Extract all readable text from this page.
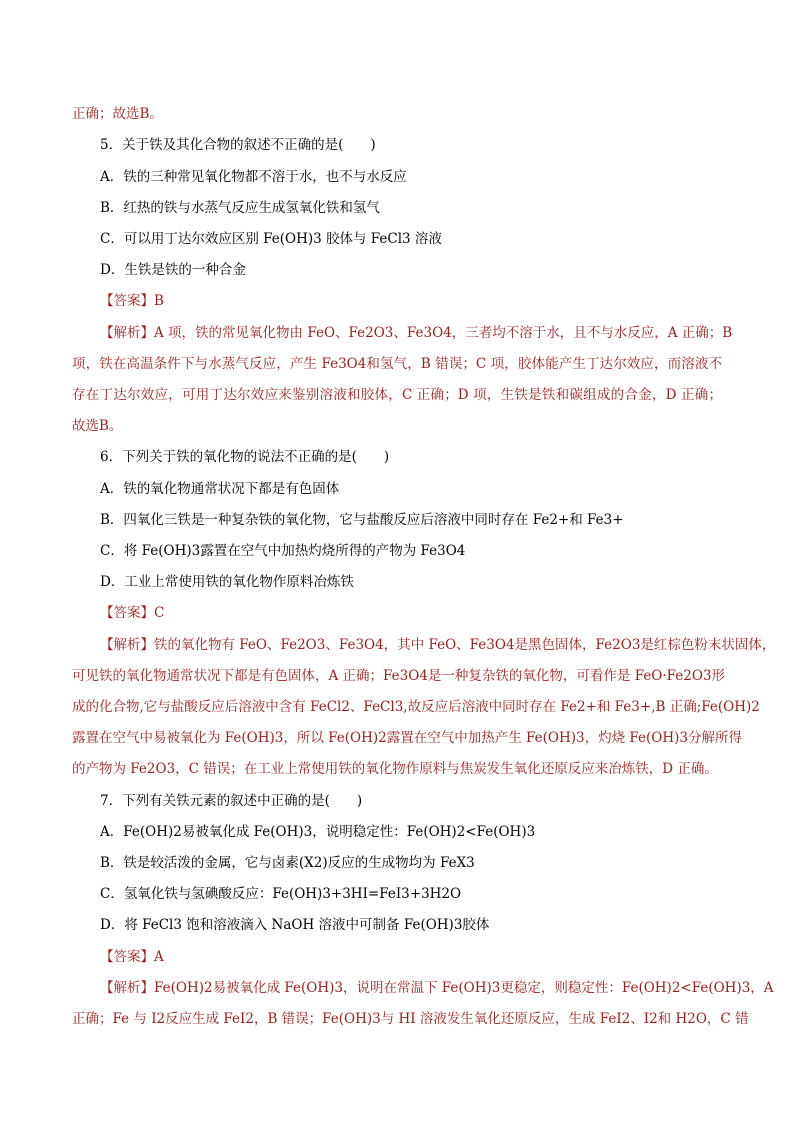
正确；故选B。
5．关于铁及其化合物的叙述不正确的是(　　)
A．铁的三种常见氧化物都不溶于水，也不与水反应
B．红热的铁与水蒸气反应生成氢氧化铁和氢气
C．可以用丁达尔效应区别 Fe(OH)3 胶体与 FeCl3 溶液
D．生铁是铁的一种合金
【答案】B
【解析】A 项，铁的常见氧化物由 FeO、Fe2O3、Fe3O4，三者均不溶于水，且不与水反应，A 正确；B
项，铁在高温条件下与水蒸气反应，产生 Fe3O4和氢气，B 错误；C 项，胶体能产生丁达尔效应，而溶液不
存在丁达尔效应，可用丁达尔效应来鉴别溶液和胶体，C 正确；D 项，生铁是铁和碳组成的合金，D 正确；
故选B。
6．下列关于铁的氧化物的说法不正确的是(　　)
A．铁的氧化物通常状况下都是有色固体
B．四氧化三铁是一种复杂铁的氧化物，它与盐酸反应后溶液中同时存在 Fe2+和 Fe3+
C．将 Fe(OH)3露置在空气中加热灼烧所得的产物为 Fe3O4
D．工业上常使用铁的氧化物作原料冶炼铁
【答案】C
【解析】铁的氧化物有 FeO、Fe2O3、Fe3O4，其中 FeO、Fe3O4是黑色固体，Fe2O3是红棕色粉末状固体，
可见铁的氧化物通常状况下都是有色固体，A 正确；Fe3O4是一种复杂铁的氧化物，可看作是 FeO·Fe2O3形
成的化合物,它与盐酸反应后溶液中含有 FeCl2、FeCl3,故反应后溶液中同时存在 Fe2+和 Fe3+,B 正确;Fe(OH)2
露置在空气中易被氧化为 Fe(OH)3，所以 Fe(OH)2露置在空气中加热产生 Fe(OH)3，灼烧 Fe(OH)3分解所得
的产物为 Fe2O3，C 错误；在工业上常使用铁的氧化物作原料与焦炭发生氧化还原反应来冶炼铁，D 正确。
7．下列有关铁元素的叙述中正确的是(　　)
A．Fe(OH)2易被氧化成 Fe(OH)3，说明稳定性：Fe(OH)2<Fe(OH)3
B．铁是较活泼的金属，它与卤素(X2)反应的生成物均为 FeX3
C．氢氧化铁与氢碘酸反应：Fe(OH)3+3HI=FeI3+3H2O
D．将 FeCl3 饱和溶液滴入 NaOH 溶液中可制备 Fe(OH)3胶体
【答案】A
【解析】Fe(OH)2易被氧化成 Fe(OH)3，说明在常温下 Fe(OH)3更稳定，则稳定性：Fe(OH)2<Fe(OH)3，A
正确；Fe 与 I2反应生成 FeI2，B 错误；Fe(OH)3与 HI 溶液发生氧化还原反应，生成 FeI2、I2和 H2O，C 错
